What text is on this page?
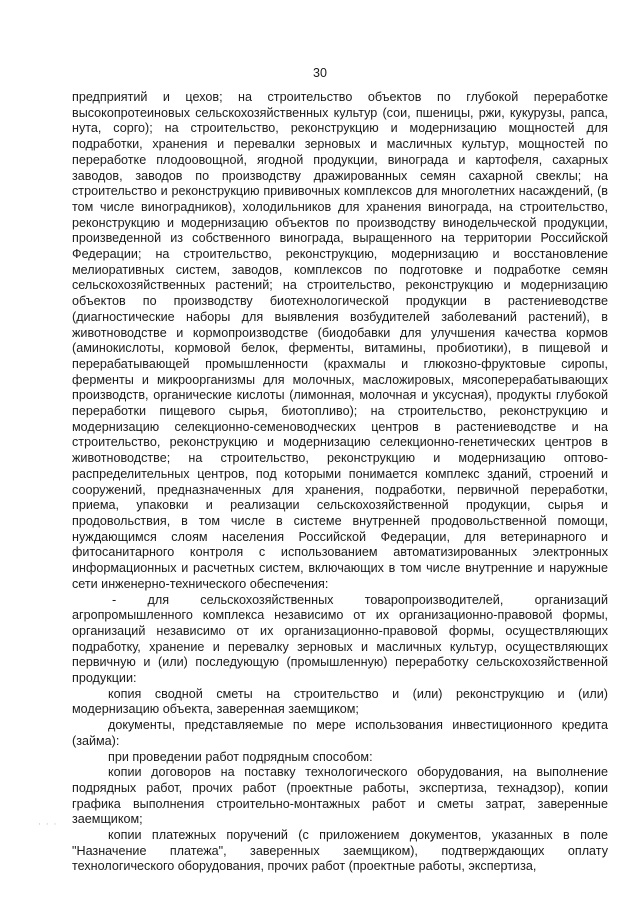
30

предприятий и цехов; на строительство объектов по глубокой переработке высокопротеиновых сельскохозяйственных культур (сои, пшеницы, ржи, кукурузы, рапса, нута, сорго); на строительство, реконструкцию и модернизацию мощностей для подработки, хранения и перевалки зерновых и масличных культур, мощностей по переработке плодоовощной, ягодной продукции, винограда и картофеля, сахарных заводов, заводов по производству дражированных семян сахарной свеклы; на строительство и реконструкцию прививочных комплексов для многолетних насаждений, (в том числе виноградников), холодильников для хранения винограда, на строительство, реконструкцию и модернизацию объектов по производству винодельческой продукции, произведенной из собственного винограда, выращенного на территории Российской Федерации; на строительство, реконструкцию, модернизацию и восстановление мелиоративных систем, заводов, комплексов по подготовке и подработке семян сельскохозяйственных растений; на строительство, реконструкцию и модернизацию объектов по производству биотехнологической продукции в растениеводстве (диагностические наборы для выявления возбудителей заболеваний растений), в животноводстве и кормопроизводстве (биодобавки для улучшения качества кормов (аминокислоты, кормовой белок, ферменты, витамины, пробиотики), в пищевой и перерабатывающей промышленности (крахмалы и глюкозно-фруктовые сиропы, ферменты и микроорганизмы для молочных, масложировых, мясоперерабатывающих производств, органические кислоты (лимонная, молочная и уксусная), продукты глубокой переработки пищевого сырья, биотопливо); на строительство, реконструкцию и модернизацию селекционно-семеноводческих центров в растениеводстве и на строительство, реконструкцию и модернизацию селекционно-генетических центров в животноводстве; на строительство, реконструкцию и модернизацию оптово-распределительных центров, под которыми понимается комплекс зданий, строений и сооружений, предназначенных для хранения, подработки, первичной переработки, приема, упаковки и реализации сельскохозяйственной продукции, сырья и продовольствия, в том числе в системе внутренней продовольственной помощи, нуждающимся слоям населения Российской Федерации, для ветеринарного и фитосанитарного контроля с использованием автоматизированных электронных информационных и расчетных систем, включающих в том числе внутренние и наружные сети инженерно-технического обеспечения:

- для сельскохозяйственных товаропроизводителей, организаций агропромышленного комплекса независимо от их организационно-правовой формы, организаций независимо от их организационно-правовой формы, осуществляющих подработку, хранение и перевалку зерновых и масличных культур, осуществляющих первичную и (или) последующую (промышленную) переработку сельскохозяйственной продукции:

копия сводной сметы на строительство и (или) реконструкцию и (или) модернизацию объекта, заверенная заемщиком;

документы, представляемые по мере использования инвестиционного кредита (займа):

при проведении работ подрядным способом:

копии договоров на поставку технологического оборудования, на выполнение подрядных работ, прочих работ (проектные работы, экспертиза, технадзор), копии графика выполнения строительно-монтажных работ и сметы затрат, заверенные заемщиком;

копии платежных поручений (с приложением документов, указанных в поле "Назначение платежа", заверенных заемщиком), подтверждающих оплату технологического оборудования, прочих работ (проектные работы, экспертиза,

· · ·
